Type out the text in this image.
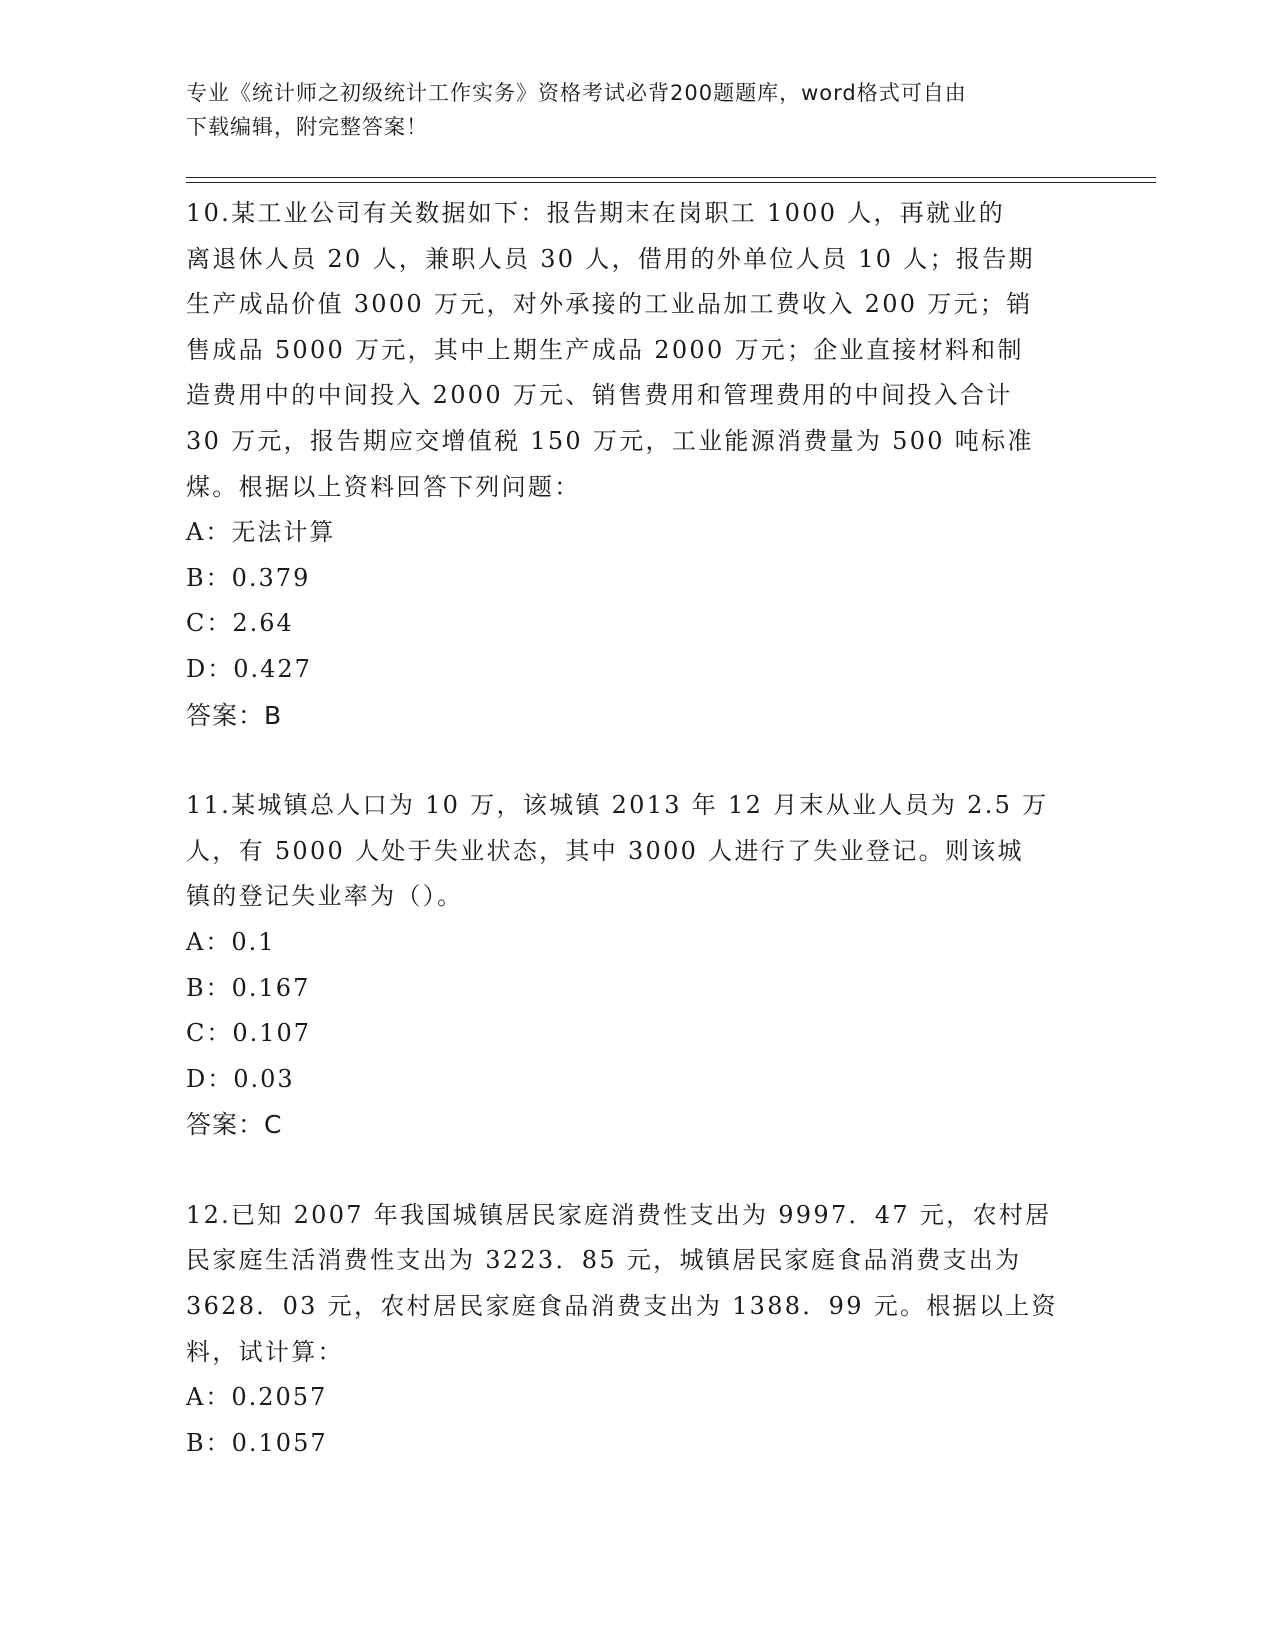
专业《统计师之初级统计工作实务》资格考试必背200题题库，word格式可自由
下载编辑，附完整答案！
10.某工业公司有关数据如下：报告期末在岗职工 1000 人，再就业的
离退休人员 20 人，兼职人员 30 人，借用的外单位人员 10 人；报告期
生产成品价值 3000 万元，对外承接的工业品加工费收入 200 万元；销
售成品 5000 万元，其中上期生产成品 2000 万元；企业直接材料和制
造费用中的中间投入 2000 万元、销售费用和管理费用的中间投入合计
30 万元，报告期应交增值税 150 万元，工业能源消费量为 500 吨标准
煤。根据以上资料回答下列问题：
A：无法计算
B：0.379
C：2.64
D：0.427
答案：B
11.某城镇总人口为 10 万，该城镇 2013 年 12 月末从业人员为 2.5 万
人，有 5000 人处于失业状态，其中 3000 人进行了失业登记。则该城
镇的登记失业率为（）。
A：0.1
B：0.167
C：0.107
D：0.03
答案：C
12.已知 2007 年我国城镇居民家庭消费性支出为 9997．47 元，农村居
民家庭生活消费性支出为 3223．85 元，城镇居民家庭食品消费支出为
3628．03 元，农村居民家庭食品消费支出为 1388．99 元。根据以上资
料，试计算：
A：0.2057
B：0.1057
